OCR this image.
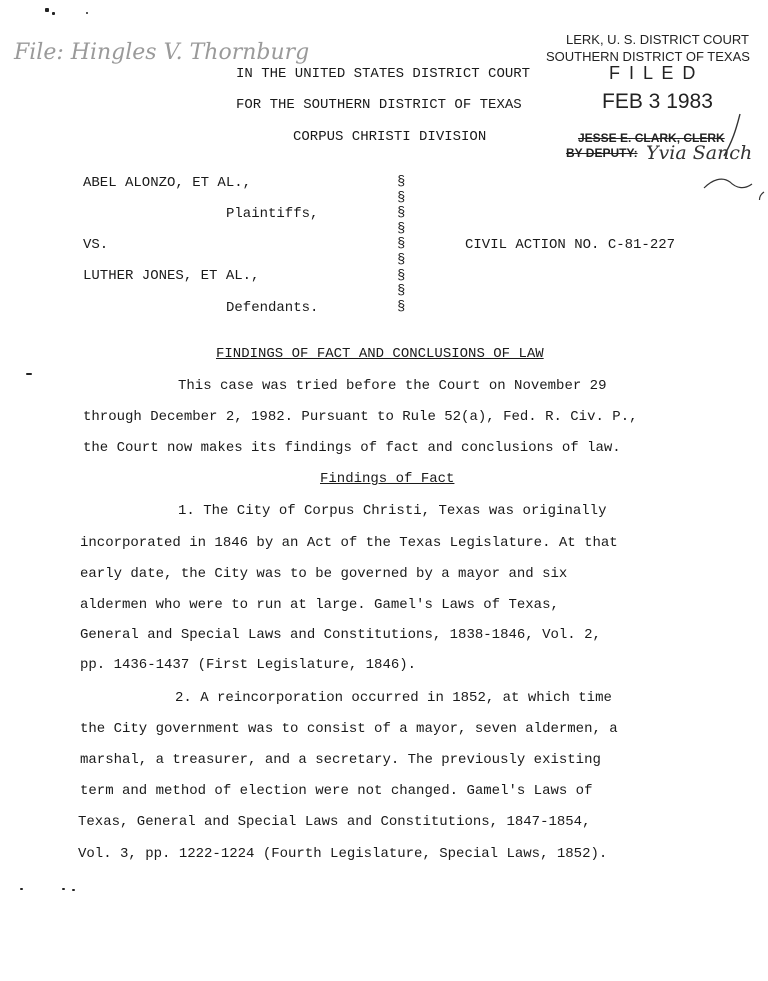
File: Hingles V. Thornburg
LERK, U. S. DISTRICT COURT
SOUTHERN DISTRICT OF TEXAS
F I L E D
FEB 3 1983
JESSE E. CLARK, CLERK
BY DEPUTY: Yvia Sanch
IN THE UNITED STATES DISTRICT COURT
FOR THE SOUTHERN DISTRICT OF TEXAS
CORPUS CHRISTI DIVISION
ABEL ALONZO, ET AL.,
Plaintiffs,
VS.
LUTHER JONES, ET AL.,
Defendants.
§
§
§
§
§
§
§
§
§
CIVIL ACTION NO. C-81-227
FINDINGS OF FACT AND CONCLUSIONS OF LAW
This case was tried before the Court on November 29
through December 2, 1982. Pursuant to Rule 52(a), Fed. R. Civ. P.,
the Court now makes its findings of fact and conclusions of law.
Findings of Fact
1. The City of Corpus Christi, Texas was originally
incorporated in 1846 by an Act of the Texas Legislature. At that
early date, the City was to be governed by a mayor and six
aldermen who were to run at large. Gamel's Laws of Texas,
General and Special Laws and Constitutions, 1838-1846, Vol. 2,
pp. 1436-1437 (First Legislature, 1846).
2. A reincorporation occurred in 1852, at which time
the City government was to consist of a mayor, seven aldermen, a
marshal, a treasurer, and a secretary. The previously existing
term and method of election were not changed. Gamel's Laws of
Texas, General and Special Laws and Constitutions, 1847-1854,
Vol. 3, pp. 1222-1224 (Fourth Legislature, Special Laws, 1852).
